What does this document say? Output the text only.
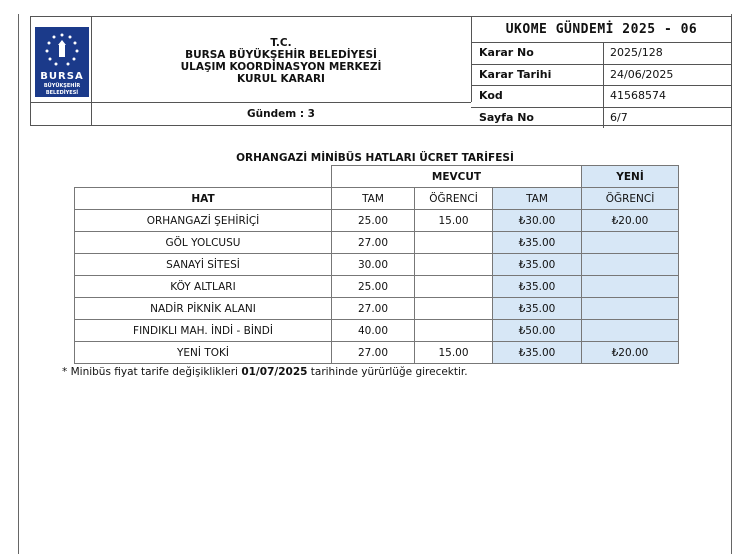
BURSA
BÜYÜKŞEHİR
BELEDİYESİ
T.C.
BURSA BÜYÜKŞEHİR BELEDİYESİ
ULAŞIM KOORDİNASYON MERKEZİ
KURUL KARARI
Gündem : 3
UKOME GÜNDEMİ 2025 - 06
Karar No	2025/128
Karar Tarihi	24/06/2025
Kod	41568574
Sayfa No	6/7
ORHANGAZİ MİNİBÜS HATLARI ÜCRET TARİFESİ
	MEVCUT			YENİ
HAT	TAM	ÖĞRENCİ	TAM	ÖĞRENCİ
ORHANGAZİ ŞEHİRİÇİ	25.00	15.00	₺30.00	₺20.00
GÖL YOLCUSU	27.00		₺35.00	
SANAYİ SİTESİ	30.00		₺35.00	
KÖY ALTLARI	25.00		₺35.00	
NADİR PİKNİK ALANI	27.00		₺35.00	
FINDIKLI MAH. İNDİ - BİNDİ	40.00		₺50.00	
YENİ TOKİ	27.00	15.00	₺35.00	₺20.00
* Minibüs fiyat tarife değişiklikleri 01/07/2025 tarihinde yürürlüğe girecektir.
